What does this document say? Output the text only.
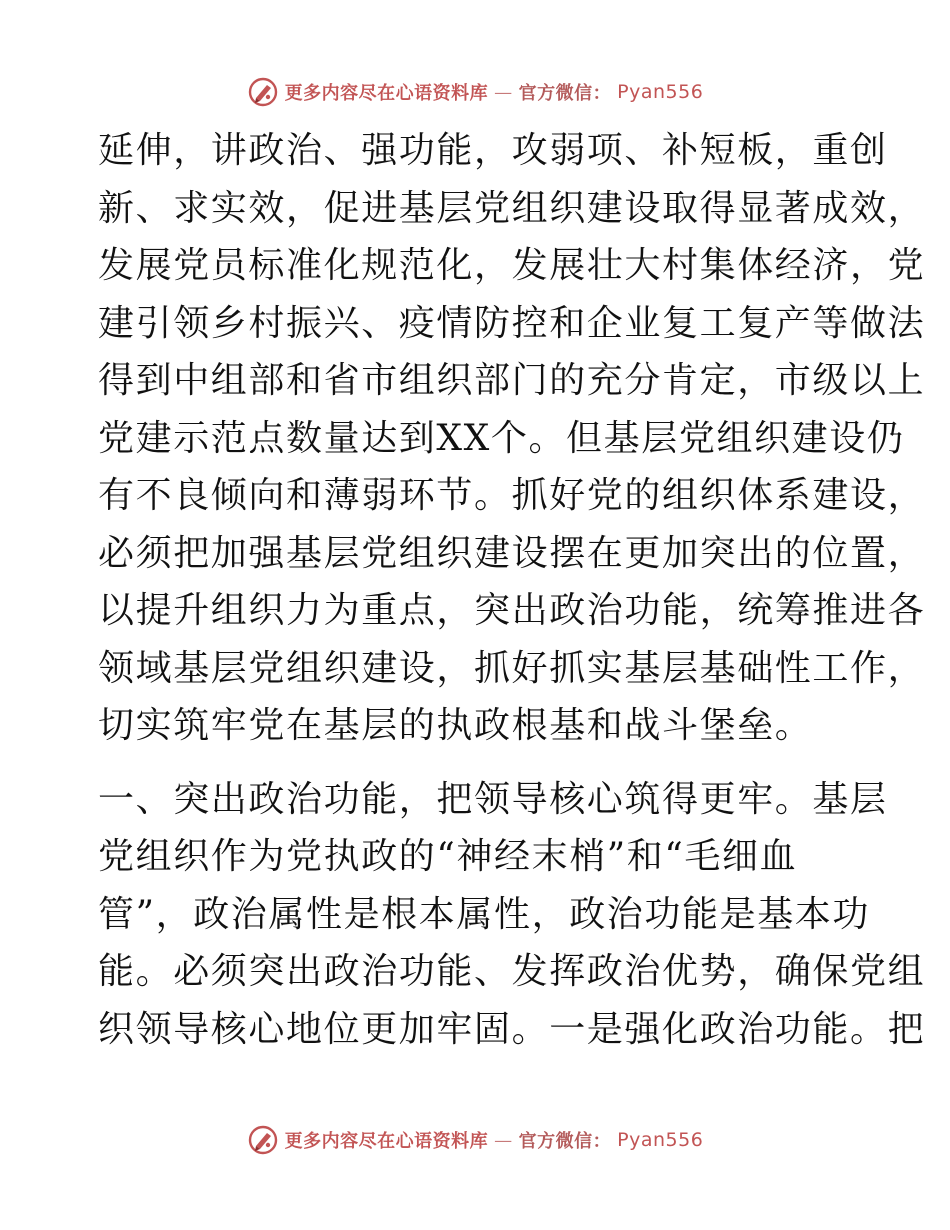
更多内容尽在心语资料库 — 官方微信： Pyan556
延伸，讲政治、强功能，攻弱项、补短板，重创
新、求实效，促进基层党组织建设取得显著成效，
发展党员标准化规范化，发展壮大村集体经济，党
建引领乡村振兴、疫情防控和企业复工复产等做法
得到中组部和省市组织部门的充分肯定，市级以上
党建示范点数量达到XX个。但基层党组织建设仍
有不良倾向和薄弱环节。抓好党的组织体系建设，
必须把加强基层党组织建设摆在更加突出的位置，
以提升组织力为重点，突出政治功能，统筹推进各
领域基层党组织建设，抓好抓实基层基础性工作，
切实筑牢党在基层的执政根基和战斗堡垒。
一、突出政治功能，把领导核心筑得更牢。基层
党组织作为党执政的“神经末梢”和“毛细血
管”，政治属性是根本属性，政治功能是基本功
能。必须突出政治功能、发挥政治优势，确保党组
织领导核心地位更加牢固。一是强化政治功能。把
更多内容尽在心语资料库 — 官方微信： Pyan556
